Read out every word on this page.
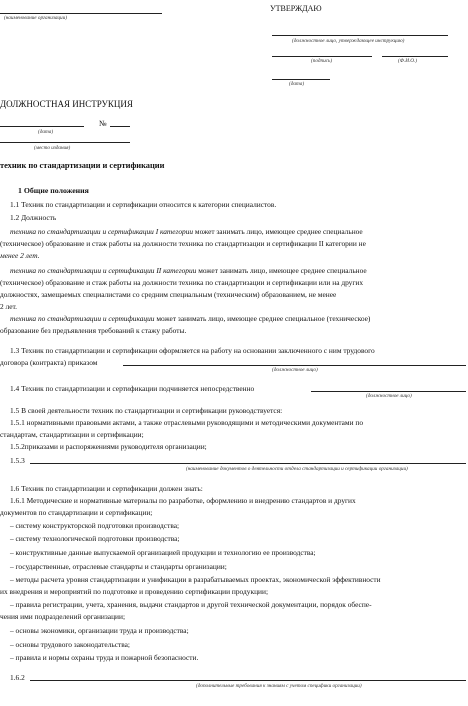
(наименование организации)
УТВЕРЖДАЮ
(должностное лицо, утверждающее инструкцию)
(подпись)	(Ф.И.О.)
(дата)
ДОЛЖНОСТНАЯ ИНСТРУКЦИЯ
№
(дата)
(место издания)
техник по стандартизации и сертификации
1 Общие положения
1.1 Техник по стандартизации и сертификации относится к категории специалистов.
1.2 Должность
техника по стандартизации и сертификации I категории может занимать лицо, имеющее среднее специальное
(техническое) образование и стаж работы на должности техника по стандартизации и сертификации II категории не
менее 2 лет.
техника по стандартизации и сертификации II категории может занимать лицо, имеющее среднее специальное
(техническое) образование и стаж работы на должности техника по стандартизации и сертификации или на других
должностях, замещаемых специалистами со средним специальным (техническим) образованием, не менее
2 лет.
техника по стандартизации и сертификации может занимать лицо, имеющее среднее специальное (техническое)
образование без предъявления требований к стажу работы.
1.3 Техник по стандартизации и сертификации оформляется на работу на основании заключенного с ним трудового
договора (контракта) приказом
(должностное лицо)
1.4 Техник по стандартизации и сертификации подчиняется непосредственно
(должностное лицо)
1.5 В своей деятельности техник по стандартизации и сертификации руководствуется:
1.5.1 нормативными правовыми актами, а также отраслевыми руководящими и методическими документами по
стандартам, стандартизации и сертификации;
1.5.2приказами и распоряжениями руководителя организации;
1.5.3
(наименование документов о деятельности отдела стандартизации и сертификации организации)
1.6 Техник по стандартизации и сертификации должен знать:
1.6.1 Методические и нормативные материалы по разработке, оформлению и внедрению стандартов и других
документов по стандартизации и сертификации;
– систему конструкторской подготовки производства;
– систему технологической подготовки производства;
– конструктивные данные выпускаемой организацией продукции и технологию ее производства;
– государственные, отраслевые стандарты и стандарты организации;
– методы расчета уровня стандартизации и унификации в разрабатываемых проектах, экономической эффективности
их внедрения и мероприятий по подготовке и проведению сертификации продукции;
– правила регистрации, учета, хранения, выдачи стандартов и другой технической документации, порядок обеспе-
чения ими подразделений организации;
– основы экономики, организации труда и производства;
– основы трудового законодательства;
– правила и нормы охраны труда и пожарной безопасности.
1.6.2
(дополнительные требования к знаниям с учетом специфики организации)
